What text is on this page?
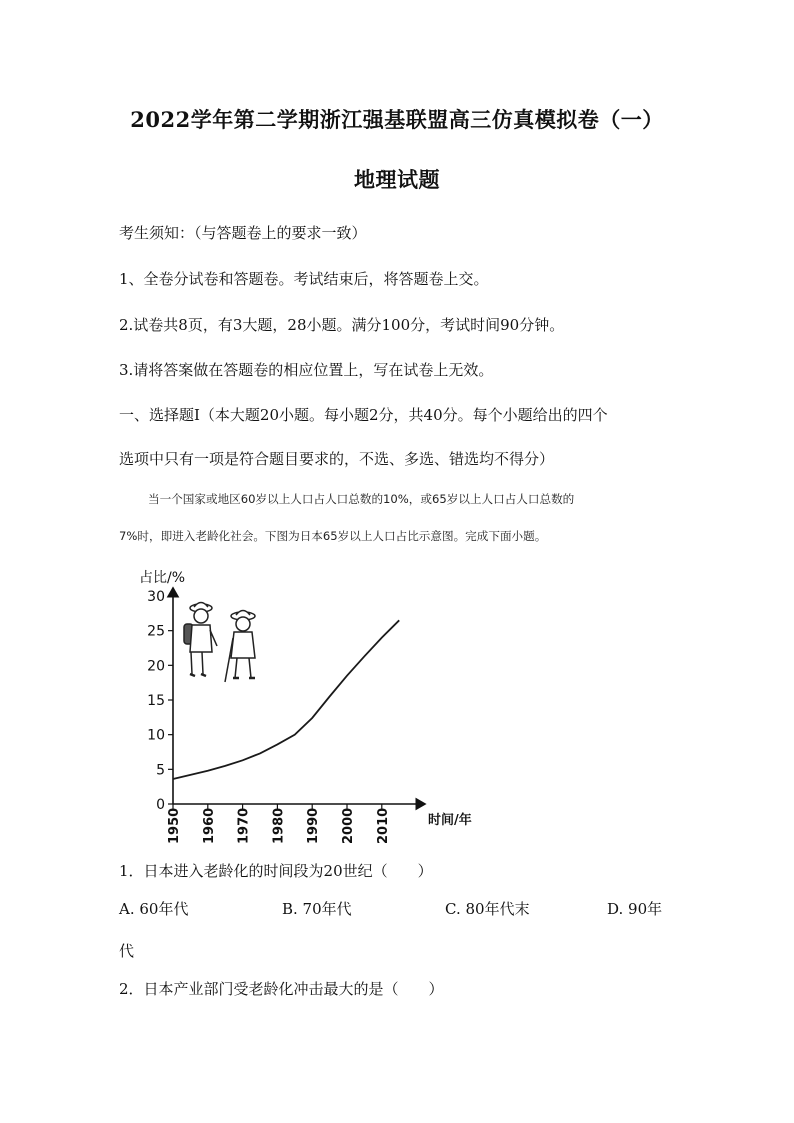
2022学年第二学期浙江强基联盟高三仿真模拟卷（一）
地理试题
考生须知：（与答题卷上的要求一致）
1、全卷分试卷和答题卷。考试结束后，将答题卷上交。
2.试卷共8页，有3大题，28小题。满分100分，考试时间90分钟。
3.请将答案做在答题卷的相应位置上，写在试卷上无效。
一、选择题Ⅰ（本大题20小题。每小题2分，共40分。每个小题给出的四个
选项中只有一项是符合题目要求的，不选、多选、错选均不得分）
当一个国家或地区60岁以上人口占人口总数的10%，或65岁以上人口占人口总数的
7%时，即进入老龄化社会。下图为日本65岁以上人口占比示意图。完成下面小题。
0
5
10
15
20
25
30
1950 1960 1970 1980 1990 2000 2010
占比/%
时间/年
1．日本进入老龄化的时间段为20世纪（　　）
A. 60年代	B. 70年代	C. 80年代末	D. 90年
代
2．日本产业部门受老龄化冲击最大的是（　　）
